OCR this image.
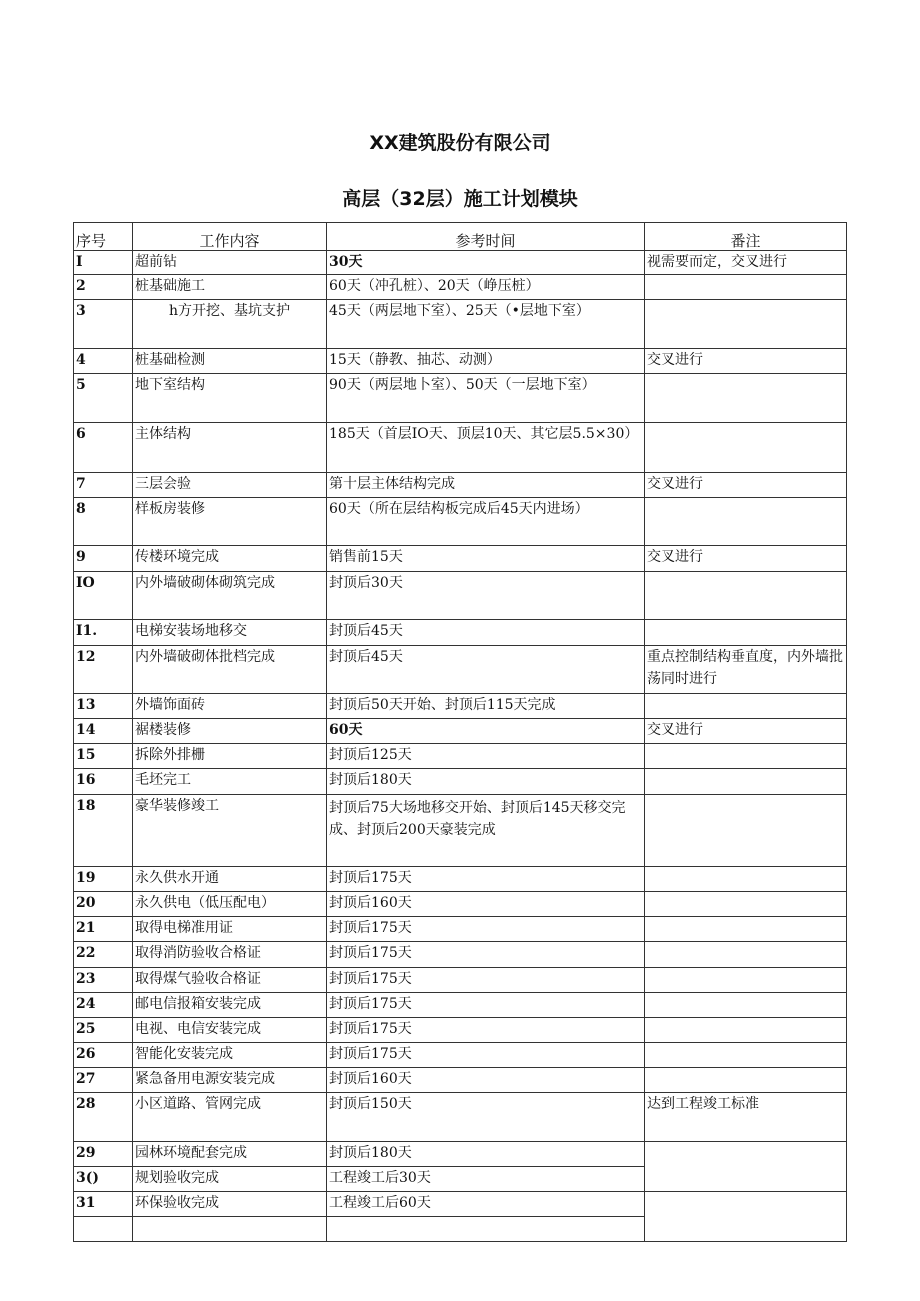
XX建筑股份有限公司
高层（32层）施工计划模块
序号	工作内容	参考时间	番注
I	超前钻	30天	视需要而定，交叉进行
2	桩基础施工	60天（冲孔桩）、20天（峥压桩）	
3	h方开挖、基坑支护	45天（两层地下室）、25天（•层地下室）	
4	桩基础检测	15天（静教、抽芯、动测）	交叉进行
5	地下室结构	90天（两层地卜室）、50天（一层地下室）	
6	主体结构	185天（首层IO天、顶层10天、其它层5.5×30）	
7	三层会验	第十层主体结构完成	交叉进行
8	样板房装修	60天（所在层结构板完成后45天内进场）	
9	传楼环境完成	销售前15天	交叉进行
IO	内外墙破砌体砌筑完成	封顶后30天	
I1.	电梯安装场地移交	封顶后45天	
12	内外墙破砌体批档完成	封顶后45天	重点控制结构垂直度，内外墙批荡同时进行
13	外墙饰面砖	封顶后50天开始、封顶后115天完成	
14	裾楼装修	60天	交叉进行
15	拆除外排栅	封顶后125天	
16	毛坯完工	封顶后180天	
18	豪华装修竣工	封顶后75大场地移交开始、封顶后145天移交完成、封顶后200天豪装完成	
19	永久供水开通	封顶后175天	
20	永久供电（低压配电）	封顶后160天	
21	取得电梯准用证	封顶后175天	
22	取得消防验收合格证	封顶后175天	
23	取得煤气验收合格证	封顶后175天	
24	邮电信报箱安装完成	封顶后175天	
25	电视、电信安装完成	封顶后175天	
26	智能化安装完成	封顶后175天	
27	紧急备用电源安装完成	封顶后160天	
28	小区道路、管网完成	封顶后150天	达到工程竣工标准
29	园林环境配套完成	封顶后180天	
3()	规划验收完成	工程竣工后30天	
31	环保验收完成	工程竣工后60天	
